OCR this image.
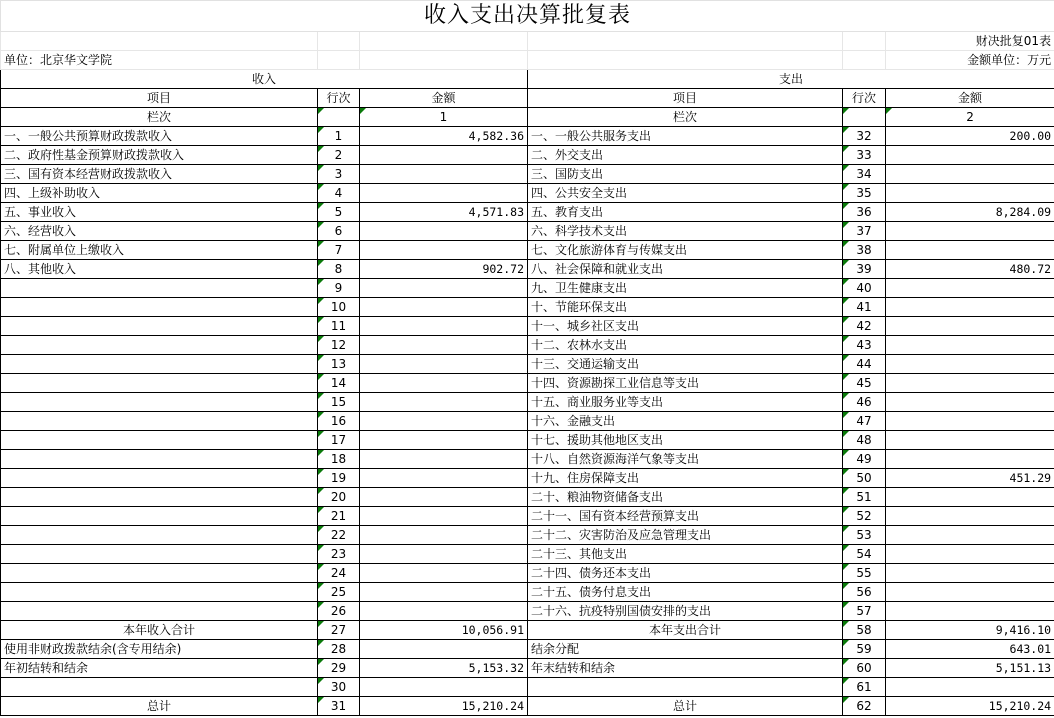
收入支出决算批复表					
					财决批复01表
单位：北京华文学院					金额单位：万元
收入			支出		
项目	行次	金额	项目	行次	金额
栏次		1	栏次		2
一、一般公共预算财政拨款收入	1	4,582.36	一、一般公共服务支出	32	200.00
二、政府性基金预算财政拨款收入	2		二、外交支出	33	
三、国有资本经营财政拨款收入	3		三、国防支出	34	
四、上级补助收入	4		四、公共安全支出	35	
五、事业收入	5	4,571.83	五、教育支出	36	8,284.09
六、经营收入	6		六、科学技术支出	37	
七、附属单位上缴收入	7		七、文化旅游体育与传媒支出	38	
八、其他收入	8	902.72	八、社会保障和就业支出	39	480.72
	9		九、卫生健康支出	40	
	10		十、节能环保支出	41	
	11		十一、城乡社区支出	42	
	12		十二、农林水支出	43	
	13		十三、交通运输支出	44	
	14		十四、资源勘探工业信息等支出	45	
	15		十五、商业服务业等支出	46	
	16		十六、金融支出	47	
	17		十七、援助其他地区支出	48	
	18		十八、自然资源海洋气象等支出	49	
	19		十九、住房保障支出	50	451.29
	20		二十、粮油物资储备支出	51	
	21		二十一、国有资本经营预算支出	52	
	22		二十二、灾害防治及应急管理支出	53	
	23		二十三、其他支出	54	
	24		二十四、债务还本支出	55	
	25		二十五、债务付息支出	56	
	26		二十六、抗疫特别国债安排的支出	57	
本年收入合计	27	10,056.91	本年支出合计	58	9,416.10
使用非财政拨款结余(含专用结余)	28		结余分配	59	643.01
年初结转和结余	29	5,153.32	年末结转和结余	60	5,151.13
	30			61	
总计	31	15,210.24	总计	62	15,210.24
